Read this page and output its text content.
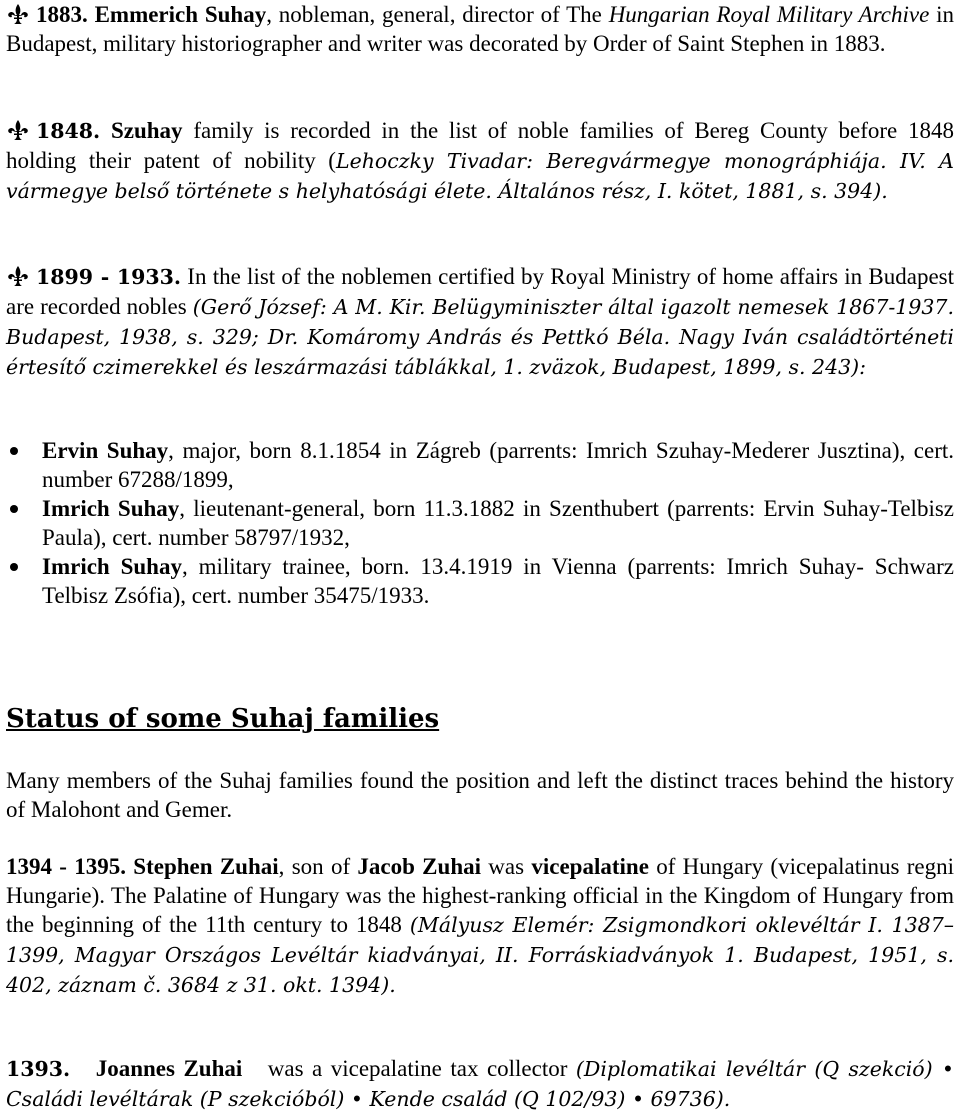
1883. Emmerich Suhay, nobleman, general, director of The Hungarian Royal Military Archive in Budapest, military historiographer and writer was decorated by Order of Saint Stephen in 1883.

1848. Szuhay family is recorded in the list of noble families of Bereg County before 1848 holding their patent of nobility (Lehoczky Tivadar: Beregvármegye monográphiája. IV. A vármegye belső története s helyhatósági élete. Általános rész, I. kötet, 1881, s. 394).

1899 - 1933. In the list of the noblemen certified by Royal Ministry of home affairs in Budapest are recorded nobles (Gerő József: A M. Kir. Belügyminiszter által igazolt nemesek 1867-1937. Budapest, 1938, s. 329; Dr. Komáromy András és Pettkó Béla. Nagy Iván családtörténeti értesítő czimerekkel és leszármazási táblákkal, 1. zväzok, Budapest, 1899, s. 243):

Ervin Suhay, major, born 8.1.1854 in Zágreb (parrents: Imrich Szuhay-Mederer Jusztina), cert. number 67288/1899,
Imrich Suhay, lieutenant-general, born 11.3.1882 in Szenthubert (parrents: Ervin Suhay-Telbisz Paula), cert. number 58797/1932,
Imrich Suhay, military trainee, born. 13.4.1919 in Vienna (parrents: Imrich Suhay- Schwarz Telbisz Zsófia), cert. number 35475/1933.
Status of some Suhaj families

Many members of the Suhaj families found the position and left the distinct traces behind the history of Malohont and Gemer.

1394 - 1395. Stephen Zuhai, son of Jacob Zuhai was vicepalatine of Hungary (vicepalatinus regni Hungarie). The Palatine of Hungary was the highest-ranking official in the Kingdom of Hungary from the beginning of the 11th century to 1848 (Mályusz Elemér: Zsigmondkori oklevéltár I. 1387–1399, Magyar Országos Levéltár kiadványai, II. Forráskiadványok 1. Budapest, 1951, s. 402, záznam č. 3684 z 31. okt. 1394).

1393. Joannes Zuhai   was a vicepalatine tax collector (Diplomatikai levéltár (Q szekció) • Családi levéltárak (P szekcióból) • Kende család (Q 102/93) • 69736).
